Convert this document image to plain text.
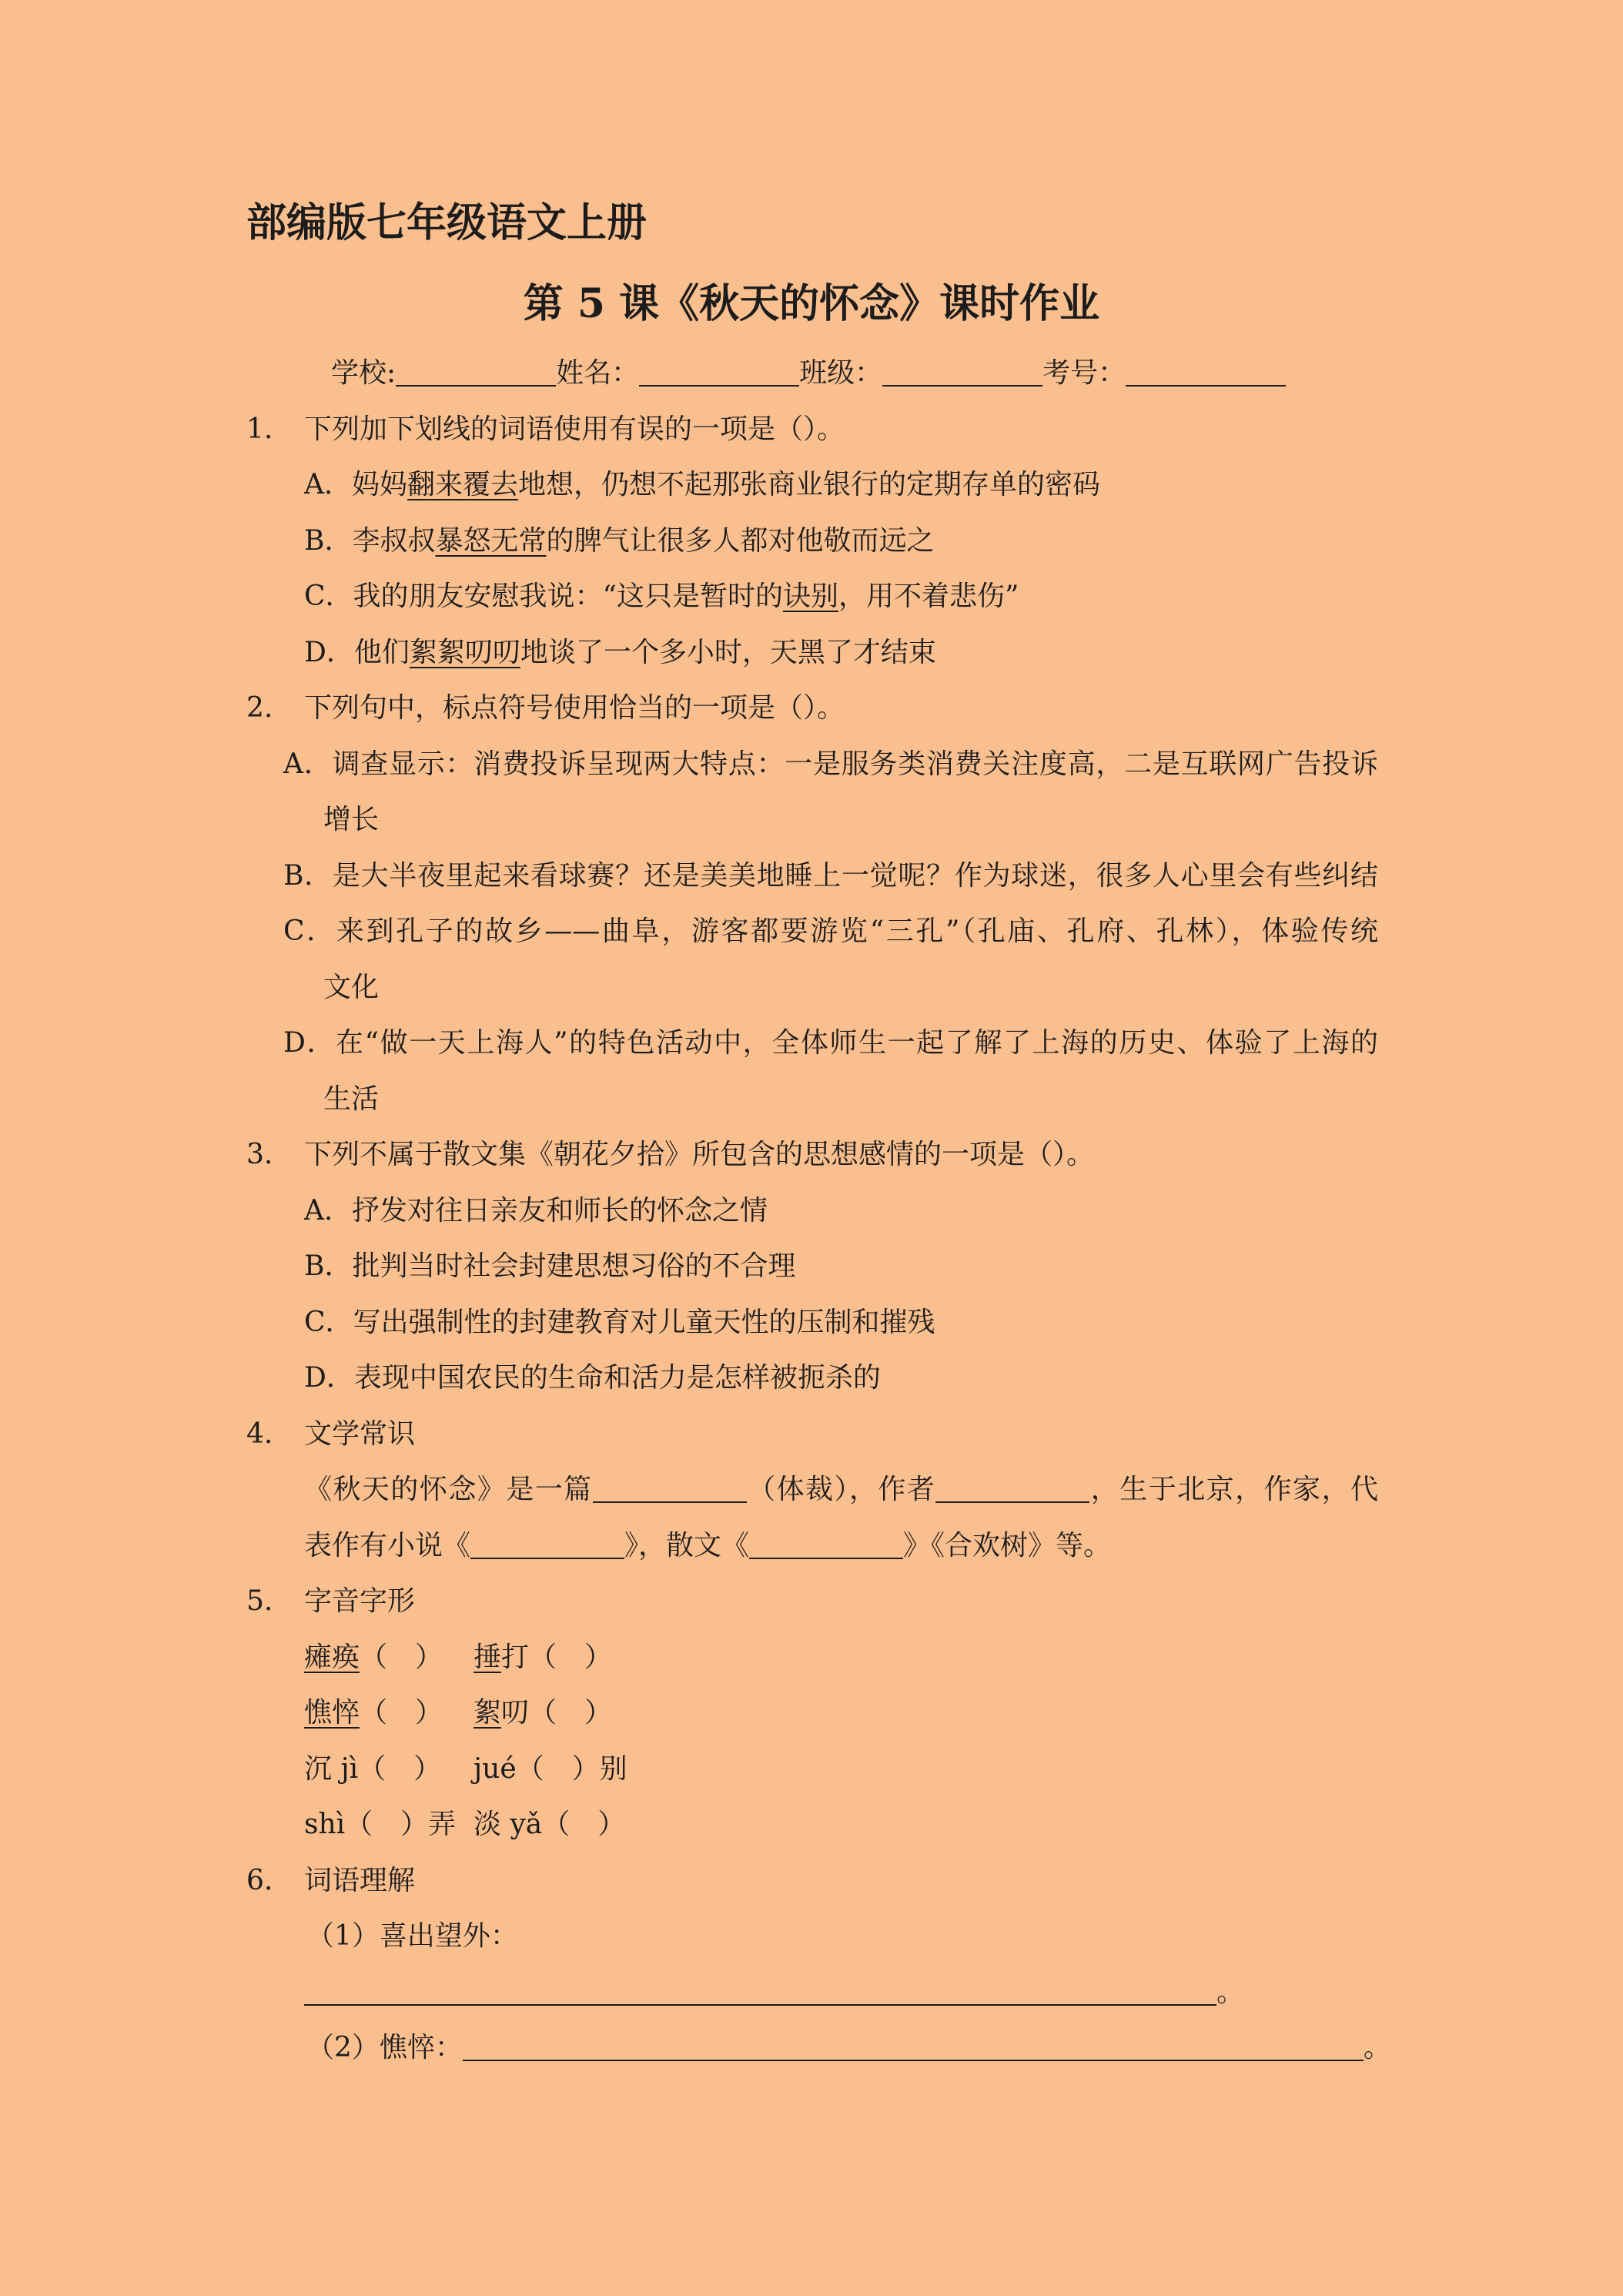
部编版七年级语文上册
第 5 课《秋天的怀念》课时作业
学校:	姓名：	班级：	考号：
1. 下列加下划线的词语使用有误的一项是（）。
A．妈妈翻来覆去地想，仍想不起那张商业银行的定期存单的密码
B．李叔叔暴怒无常的脾气让很多人都对他敬而远之
C．我的朋友安慰我说：“这只是暂时的诀别，用不着悲伤”
D．他们絮絮叨叨地谈了一个多小时，天黑了才结束
2. 下列句中，标点符号使用恰当的一项是（）。
A．调查显示：消费投诉呈现两大特点：一是服务类消费关注度高，二是互联网广告投诉
增长
B．是大半夜里起来看球赛？还是美美地睡上一觉呢？作为球迷，很多人心里会有些纠结
C．来到孔子的故乡——曲阜，游客都要游览“三孔”（孔庙、孔府、孔林），体验传统
文化
D．在“做一天上海人”的特色活动中，全体师生一起了解了上海的历史、体验了上海的
生活
3. 下列不属于散文集《朝花夕拾》所包含的思想感情的一项是（）。
A．抒发对往日亲友和师长的怀念之情
B．批判当时社会封建思想习俗的不合理
C．写出强制性的封建教育对儿童天性的压制和摧残
D．表现中国农民的生命和活力是怎样被扼杀的
4. 文学常识
《秋天的怀念》是一篇	（体裁），作者	，生于北京，作家，代
表作有小说《	》，散文《	》《合欢树》等。
5. 字音字形
瘫痪（　） 捶打（　）
憔悴（　） 絮叨（　）
沉 jì（　） jué（　）别
shì（　）弄 淡 yǎ（　）
6. 词语理解
（1）喜出望外：
。
（2）憔悴：	。
